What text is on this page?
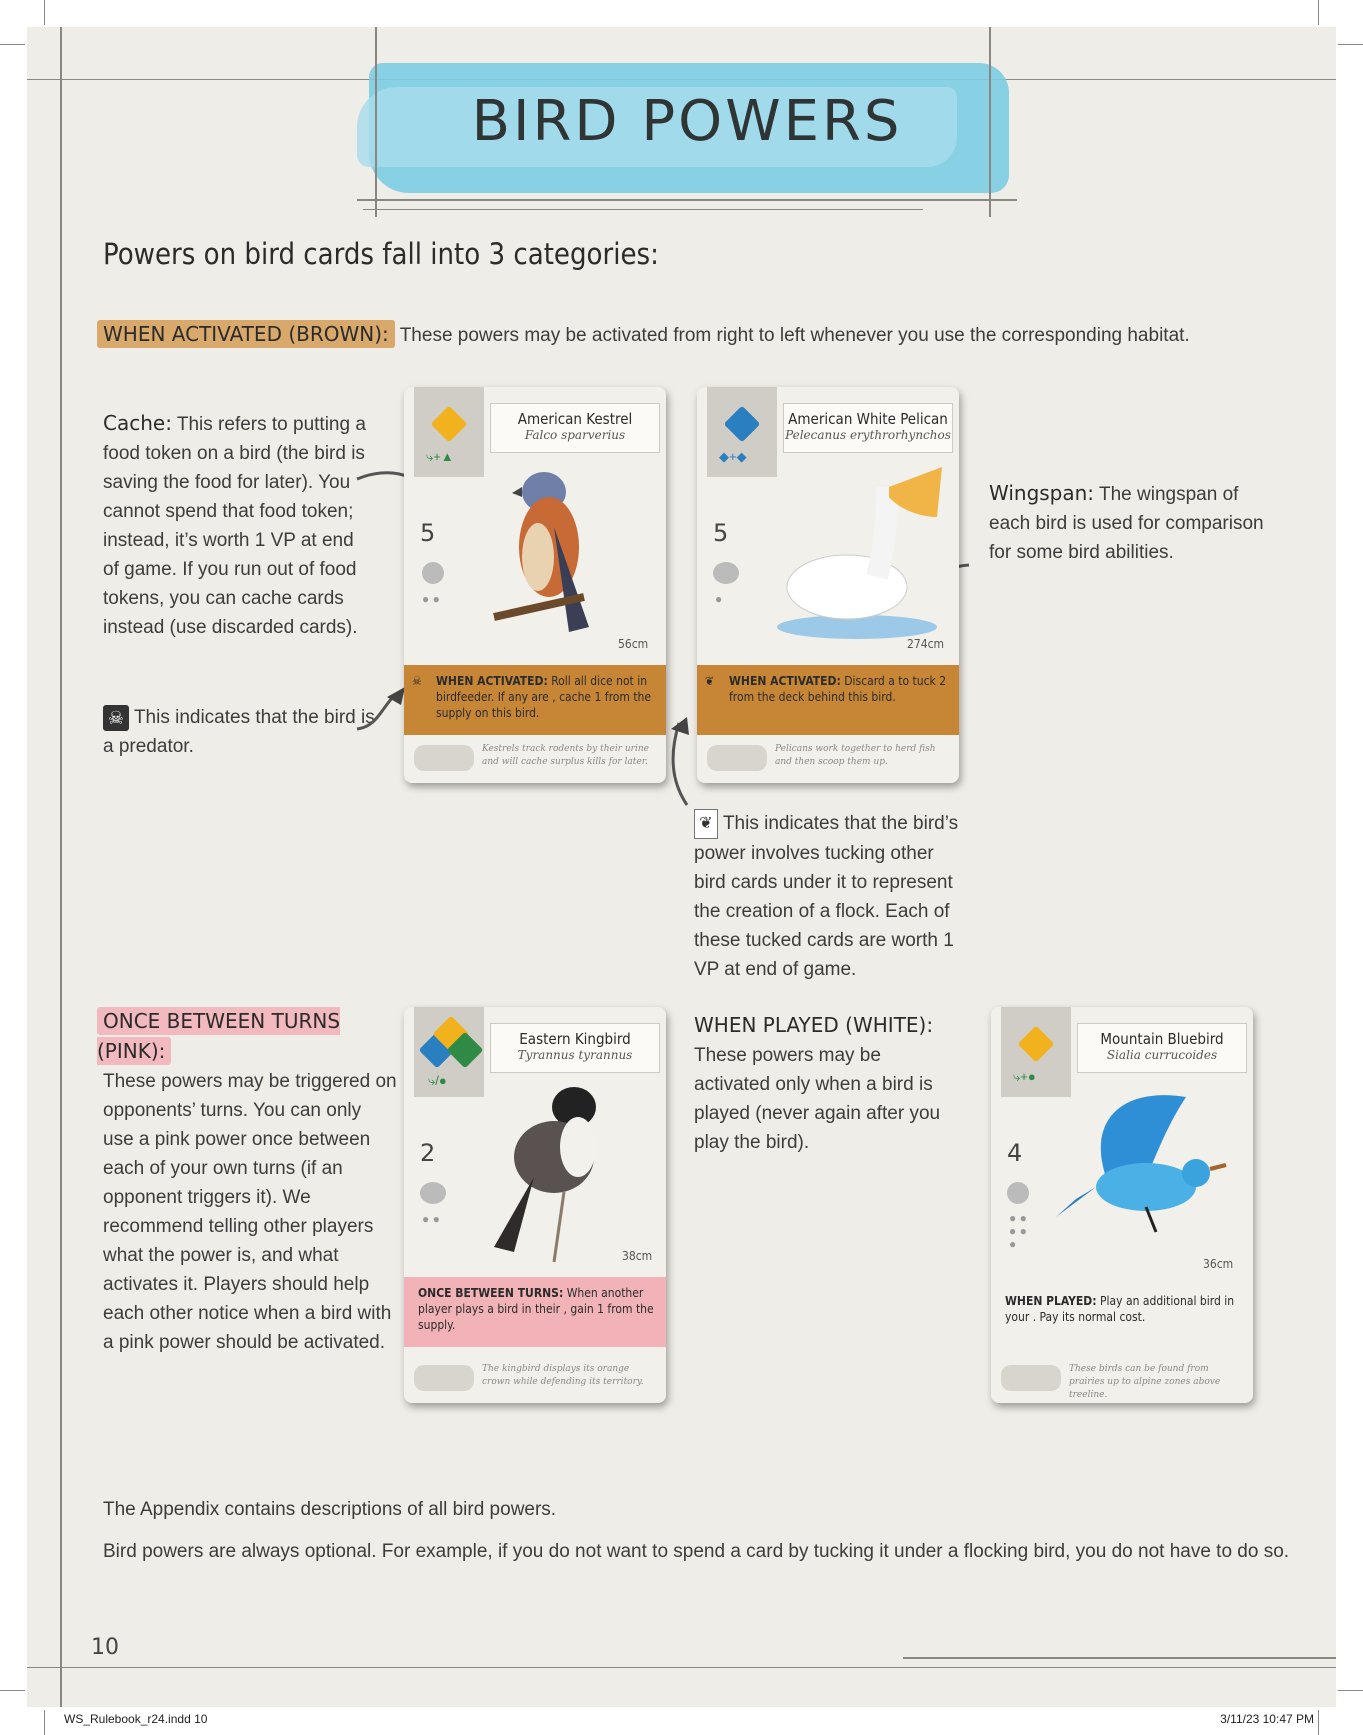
BIRD POWERS
Powers on bird cards fall into 3 categories:
WHEN ACTIVATED (BROWN): These powers may be activated from right to left whenever you use the corresponding habitat.
Cache: This refers to putting a food token on a bird (the bird is saving the food for later). You cannot spend that food token; instead, it’s worth 1 VP at end of game. If you run out of food tokens, you can cache cards instead (use discarded cards).
☠ This indicates that the bird is a predator.
Wingspan: The wingspan of each bird is used for comparison for some bird abilities.
❦ This indicates that the bird’s power involves tucking other bird cards under it to represent the creation of a flock. Each of these tucked cards are worth 1 VP at end of game.
ONCE BETWEEN TURNS (PINK):
These powers may be triggered on opponents’ turns. You can only use a pink power once between each of your own turns (if an opponent triggers it). We recommend telling other players what the power is, and what activates it. Players should help each other notice when a bird with a pink power should be activated.
WHEN PLAYED (WHITE): These powers may be activated only when a bird is played (never again after you play the bird).
⤷+▲
American Kestrel
Falco sparverius
5
● ●
56cm
☠ WHEN ACTIVATED: Roll all dice not in birdfeeder. If any are , cache 1 from the supply on this bird.
Kestrels track rodents by their urine and will cache surplus kills for later.
◆+◆
American White Pelican
Pelecanus erythrorhynchos
5
●
274cm
❦ WHEN ACTIVATED: Discard a to tuck 2 from the deck behind this bird.
Pelicans work together to herd fish and then scoop them up.
⤷/●
Eastern Kingbird
Tyrannus tyrannus
2
● ●
38cm
ONCE BETWEEN TURNS: When another player plays a bird in their , gain 1 from the supply.
The kingbird displays its orange crown while defending its territory.
⤷+●
Mountain Bluebird
Sialia currucoides
4
● ●
● ●
●
36cm
WHEN PLAYED: Play an additional bird in your . Pay its normal cost.
These birds can be found from prairies up to alpine zones above treeline.
The Appendix contains descriptions of all bird powers.
Bird powers are always optional. For example, if you do not want to spend a card by tucking it under a flocking bird, you do not have to do so.
10
WS_Rulebook_r24.indd 10	3/11/23 10:47 PM
